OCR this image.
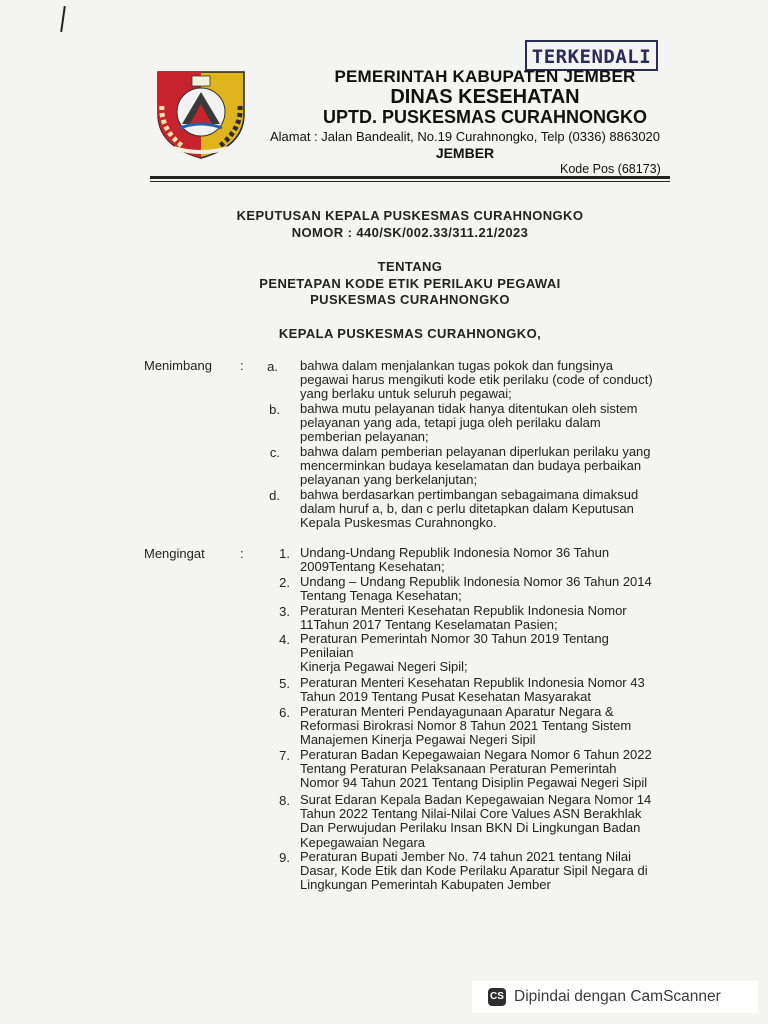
TERKENDALI
PEMERINTAH KABUPATEN JEMBER
DINAS KESEHATAN
UPTD. PUSKESMAS CURAHNONGKO
Alamat : Jalan Bandealit, No.19 Curahnongko, Telp (0336) 8863020
JEMBER
Kode Pos (68173)
KEPUTUSAN KEPALA PUSKESMAS CURAHNONGKO
NOMOR : 440/SK/002.33/311.21/2023
TENTANG
PENETAPAN KODE ETIK PERILAKU PEGAWAI
PUSKESMAS CURAHNONGKO
KEPALA PUSKESMAS CURAHNONGKO,
Menimbang :	a. bahwa dalam menjalankan tugas pokok dan fungsinya
pegawai harus mengikuti kode etik perilaku (code of conduct)
yang berlaku untuk seluruh pegawai;
b. bahwa mutu pelayanan tidak hanya ditentukan oleh sistem
pelayanan yang ada, tetapi juga oleh perilaku dalam
pemberian pelayanan;
c. bahwa dalam pemberian pelayanan diperlukan perilaku yang
mencerminkan budaya keselamatan dan budaya perbaikan
pelayanan yang berkelanjutan;
d. bahwa berdasarkan pertimbangan sebagaimana dimaksud
dalam huruf a, b, dan c perlu ditetapkan dalam Keputusan
Kepala Puskesmas Curahnongko.
Mengingat	:	1. Undang-Undang Republik Indonesia Nomor 36 Tahun
2009Tentang Kesehatan;
2. Undang – Undang Republik Indonesia Nomor 36 Tahun 2014
Tentang Tenaga Kesehatan;
3. Peraturan Menteri Kesehatan Republik Indonesia Nomor
11Tahun 2017 Tentang Keselamatan Pasien;
4. Peraturan Pemerintah Nomor 30 Tahun 2019 Tentang
Penilaian
Kinerja Pegawai Negeri Sipil;
5. Peraturan Menteri Kesehatan Republik Indonesia Nomor 43
Tahun 2019 Tentang Pusat Kesehatan Masyarakat
6. Peraturan Menteri Pendayagunaan Aparatur Negara &
Reformasi Birokrasi Nomor 8 Tahun 2021 Tentang Sistem
Manajemen Kinerja Pegawai Negeri Sipil
7. Peraturan Badan Kepegawaian Negara Nomor 6 Tahun 2022
Tentang Peraturan Pelaksanaan Peraturan Pemerintah
Nomor 94 Tahun 2021 Tentang Disiplin Pegawai Negeri Sipil
8. Surat Edaran Kepala Badan Kepegawaian Negara Nomor 14
Tahun 2022 Tentang Nilai-Nilai Core Values ASN Berakhlak
Dan Perwujudan Perilaku Insan BKN Di Lingkungan Badan
Kepegawaian Negara
9. Peraturan Bupati Jember No. 74 tahun 2021 tentang Nilai
Dasar, Kode Etik dan Kode Perilaku Aparatur Sipil Negara di
Lingkungan Pemerintah Kabupaten Jember
CS Dipindai dengan CamScanner
